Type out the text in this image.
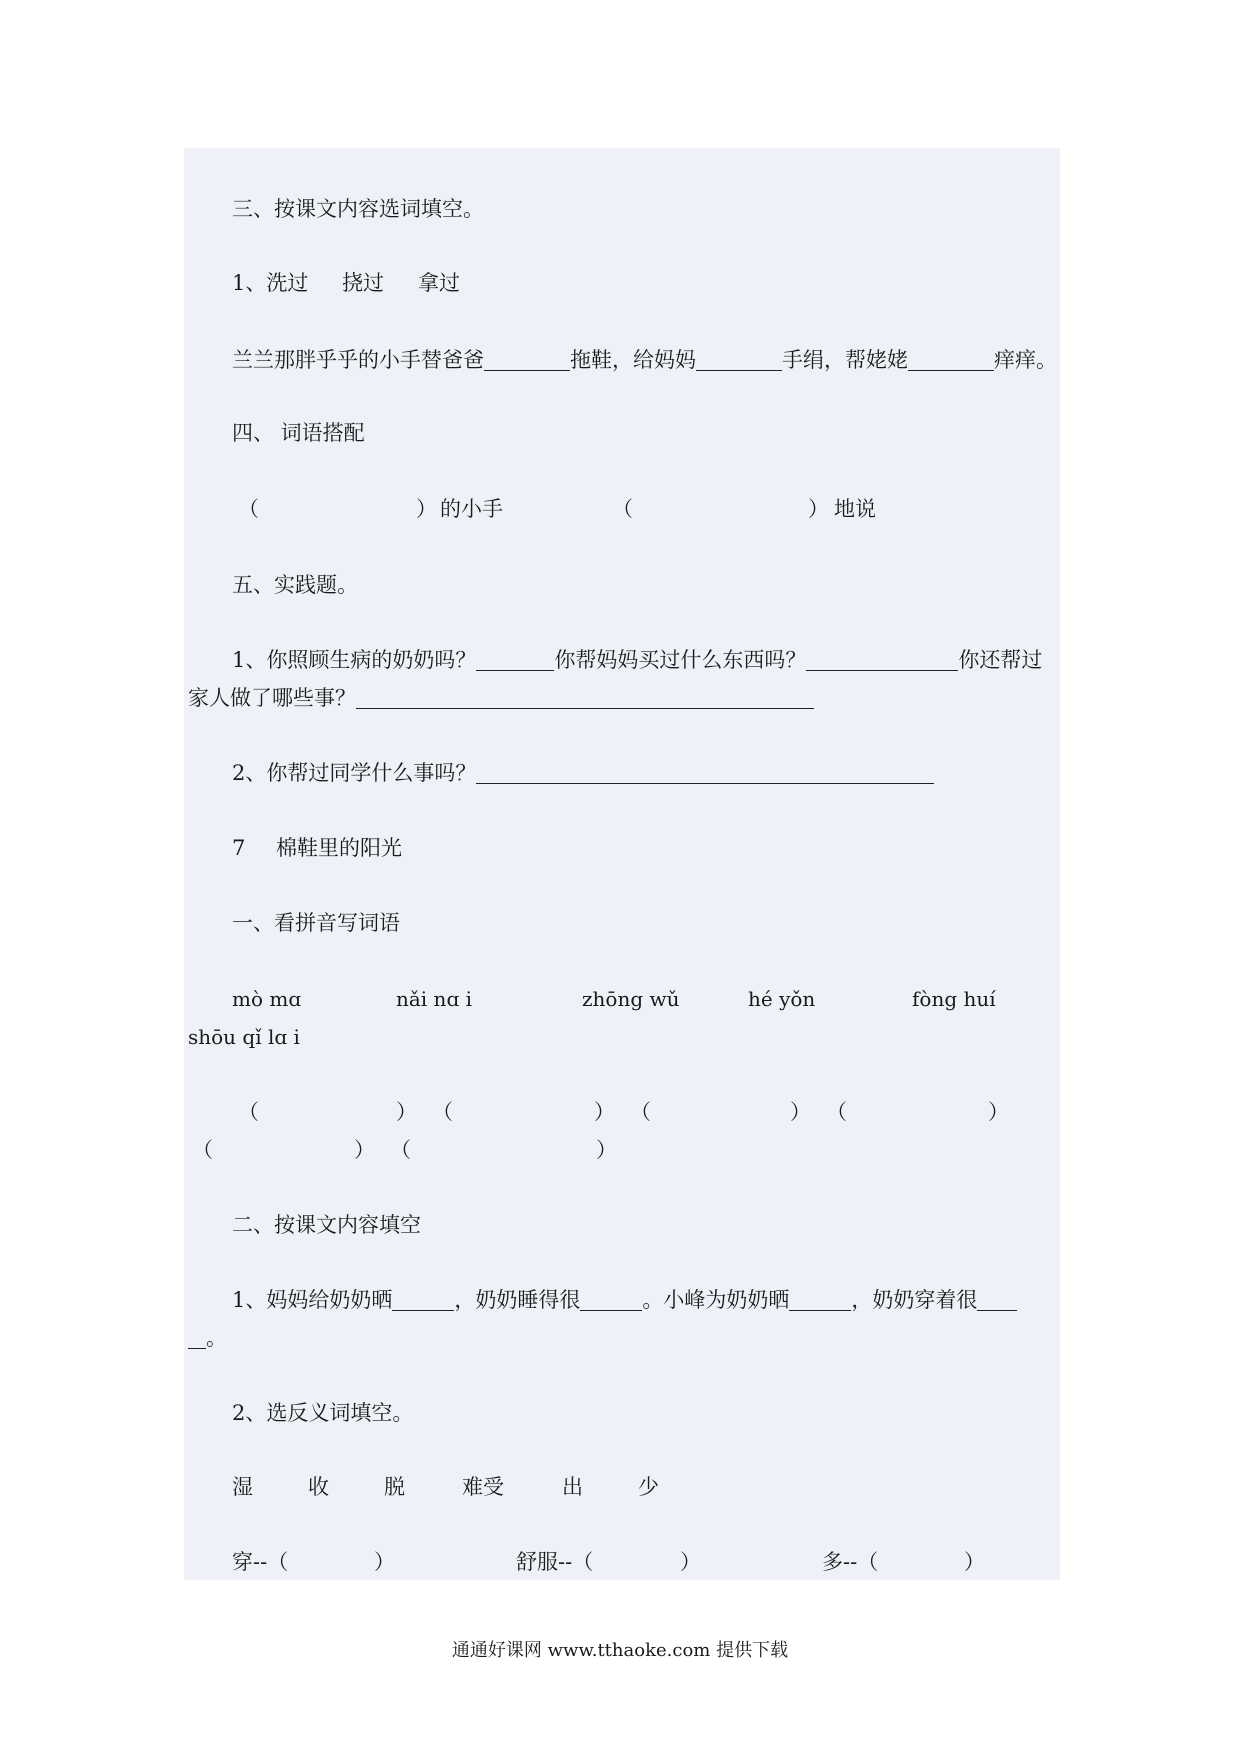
三、按课文内容选词填空。
1、洗过 挠过 拿过
兰兰那胖乎乎的小手替爸爸	拖鞋，给妈妈	手绢，帮姥姥	痒痒。
四、 词语搭配
（	） 的小手	（	） 地说
五、实践题。
1、你照顾生病的奶奶吗？	你帮妈妈买过什么东西吗？	你还帮过
家人做了哪些事？
2、你帮过同学什么事吗？
7 棉鞋里的阳光
一、看拼音写词语
mò mɑ	nǎi nɑ i	zhōng wǔ	hé yǒn	fòng huí
shōu qǐ lɑ i
（	） （	） （	） （	）
（	） （	）
二、按课文内容填空
1、妈妈给奶奶晒	，奶奶睡得很	。小峰为奶奶晒	，奶奶穿着很
。
2、选反义词填空。
湿	收	脱	难受	出	少
穿--（	）	舒服--（	）	多--（	）
通通好课网 www.tthaoke.com 提供下载
